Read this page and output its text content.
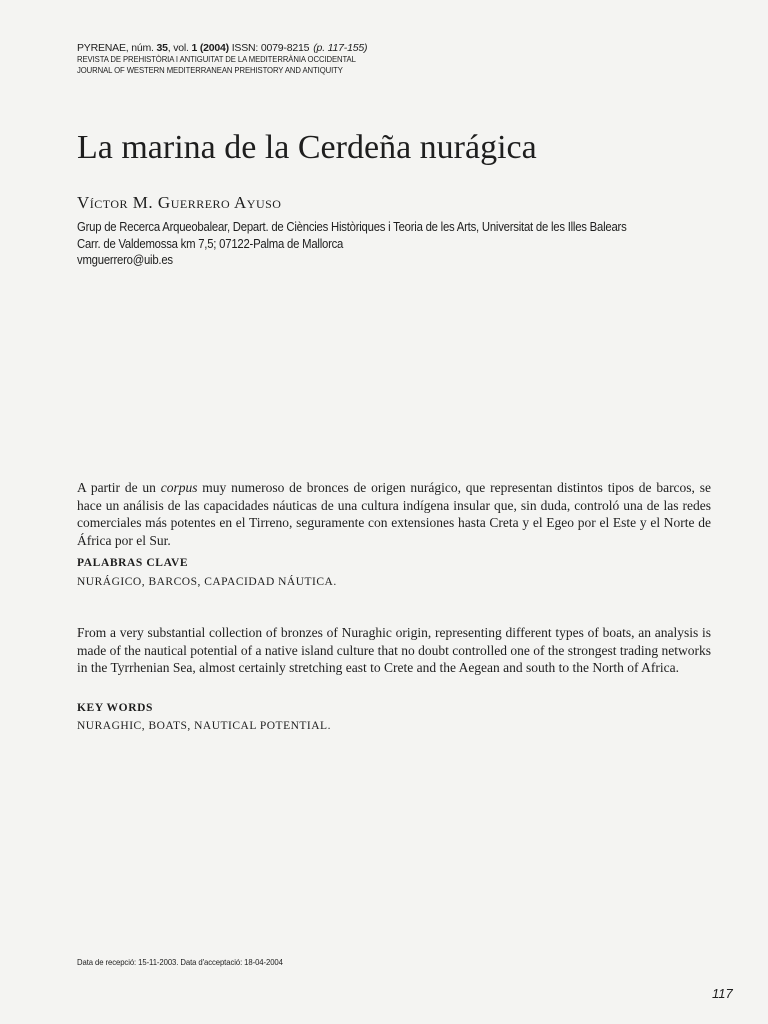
PYRENAE, núm. 35, vol. 1 (2004) ISSN: 0079-8215 (p. 117-155)
REVISTA DE PREHISTÒRIA I ANTIGUITAT DE LA MEDITERRÀNIA OCCIDENTAL
JOURNAL OF WESTERN MEDITERRANEAN PREHISTORY AND ANTIQUITY
La marina de la Cerdeña nurágica
Víctor M. Guerrero Ayuso
Grup de Recerca Arqueobalear, Depart. de Ciències Històriques i Teoria de les Arts, Universitat de les Illes Balears
Carr. de Valdemossa km 7,5; 07122-Palma de Mallorca
vmguerrero@uib.es

A partir de un corpus muy numeroso de bronces de origen nurágico, que representan distintos tipos de barcos, se hace un análisis de las capacidades náuticas de una cultura indígena insular que, sin duda, controló una de las redes comerciales más potentes en el Tirreno, seguramente con extensiones hasta Creta y el Egeo por el Este y el Norte de África por el Sur.

PALABRAS CLAVE
NURÁGICO, BARCOS, CAPACIDAD NÁUTICA.

From a very substantial collection of bronzes of Nuraghic origin, representing different types of boats, an analysis is made of the nautical potential of a native island culture that no doubt controlled one of the strongest trading networks in the Tyrrhenian Sea, almost certainly stretching east to Crete and the Aegean and south to the North of Africa.

KEY WORDS
NURAGHIC, BOATS, NAUTICAL POTENTIAL.
Data de recepció: 15-11-2003. Data d'acceptació: 18-04-2004
117
